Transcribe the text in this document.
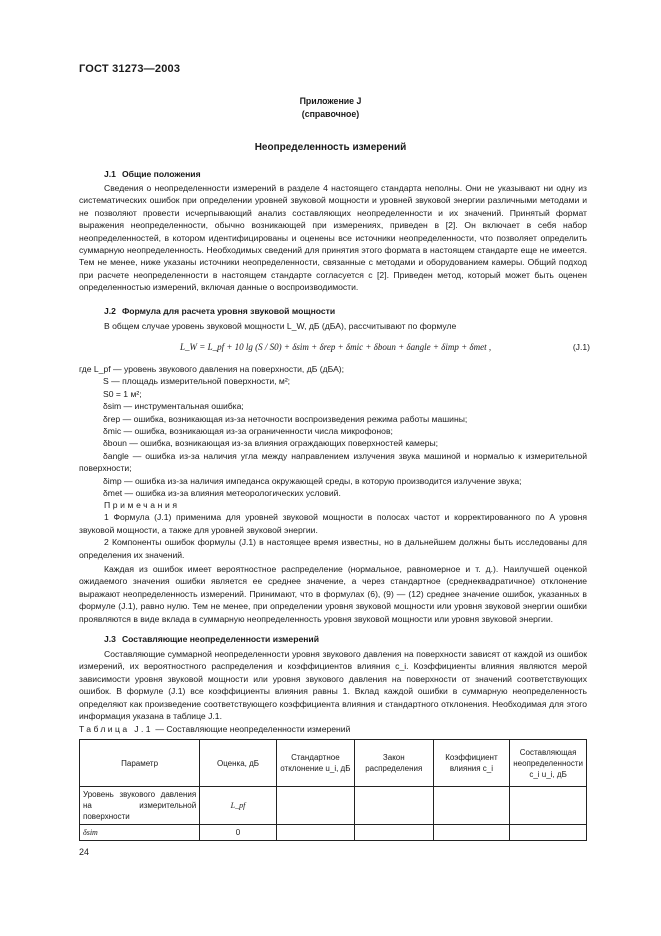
ГОСТ 31273—2003
Приложение J
(справочное)
Неопределенность измерений
J.1 Общие положения

Сведения о неопределенности измерений в разделе 4 настоящего стандарта неполны. Они не указывают ни одну из систематических ошибок при определении уровней звуковой мощности и уровней звуковой энергии различными методами и не позволяют провести исчерпывающий анализ составляющих неопределенности и их значений. Принятый формат выражения неопределенности, обычно возникающей при измерениях, приведен в [2]. Он включает в себя набор неопределенностей, в котором идентифицированы и оценены все источники неопределенности, что позволяет определить суммарную неопределенность. Необходимых сведений для принятия этого формата в настоящем стандарте еще не имеется. Тем не менее, ниже указаны источники неопределенности, связанные с методами и оборудованием камеры. Общий подход при расчете неопределенности в настоящем стандарте согласуется с [2]. Приведен метод, который может быть оценен определенностью измерений, включая данные о воспроизводимости.

J.2 Формула для расчета уровня звуковой мощности

В общем случае уровень звуковой мощности L_W, дБ (дБА), рассчитывают по формуле

L_W = L_pf + 10 lg (S / S0) + δsim + δrep + δmic + δboun + δangle + δimp + δmet ,	(J.1)
где L_pf — уровень звукового давления на поверхности, дБ (дБА);
S — площадь измерительной поверхности, м²;
S0 = 1 м²;
δsim — инструментальная ошибка;
δrep — ошибка, возникающая из-за неточности воспроизведения режима работы машины;
δmic — ошибка, возникающая из-за ограниченности числа микрофонов;
δboun — ошибка, возникающая из-за влияния ограждающих поверхностей камеры;
δangle — ошибка из-за наличия угла между направлением излучения звука машиной и нормалью к измерительной поверхности;
δimp — ошибка из-за наличия импеданса окружающей среды, в которую производится излучение звука;
δmet — ошибка из-за влияния метеорологических условий.

Примечания

1 Формула (J.1) применима для уровней звуковой мощности в полосах частот и корректированного по A уровня звуковой мощности, а также для уровней звуковой энергии.

2 Компоненты ошибок формулы (J.1) в настоящее время известны, но в дальнейшем должны быть исследованы для определения их значений.

Каждая из ошибок имеет вероятностное распределение (нормальное, равномерное и т. д.). Наилучшей оценкой ожидаемого значения ошибки является ее среднее значение, а через стандартное (среднеквадратичное) отклонение выражают неопределенность измерений. Принимают, что в формулах (6), (9) — (12) среднее значение ошибок, указанных в формуле (J.1), равно нулю. Тем не менее, при определении уровня звуковой мощности или уровня звуковой энергии ошибки проявляются в виде вклада в суммарную неопределенность уровня звуковой мощности или уровня звуковой энергии.

J.3 Составляющие неопределенности измерений

Составляющие суммарной неопределенности уровня звукового давления на поверхности зависят от каждой из ошибок измерений, их вероятностного распределения и коэффициентов влияния c_i. Коэффициенты влияния являются мерой зависимости уровня звуковой мощности или уровня звукового давления на поверхности от значений соответствующих ошибок. В формуле (J.1) все коэффициенты влияния равны 1. Вклад каждой ошибки в суммарную неопределенность определяют как произведение соответствующего коэффициента влияния и стандартного отклонения. Необходимая для этого информация указана в таблице J.1.

Таблица J.1 — Составляющие неопределенности измерений
Параметр	Оценка, дБ	Стандартное отклонение u_i, дБ	Закон распределения	Коэффициент влияния c_i	Составляющая неопределенности c_i u_i, дБ
Уровень звукового давления на измерительной поверхности	L_pf				
δsim	0				
24
